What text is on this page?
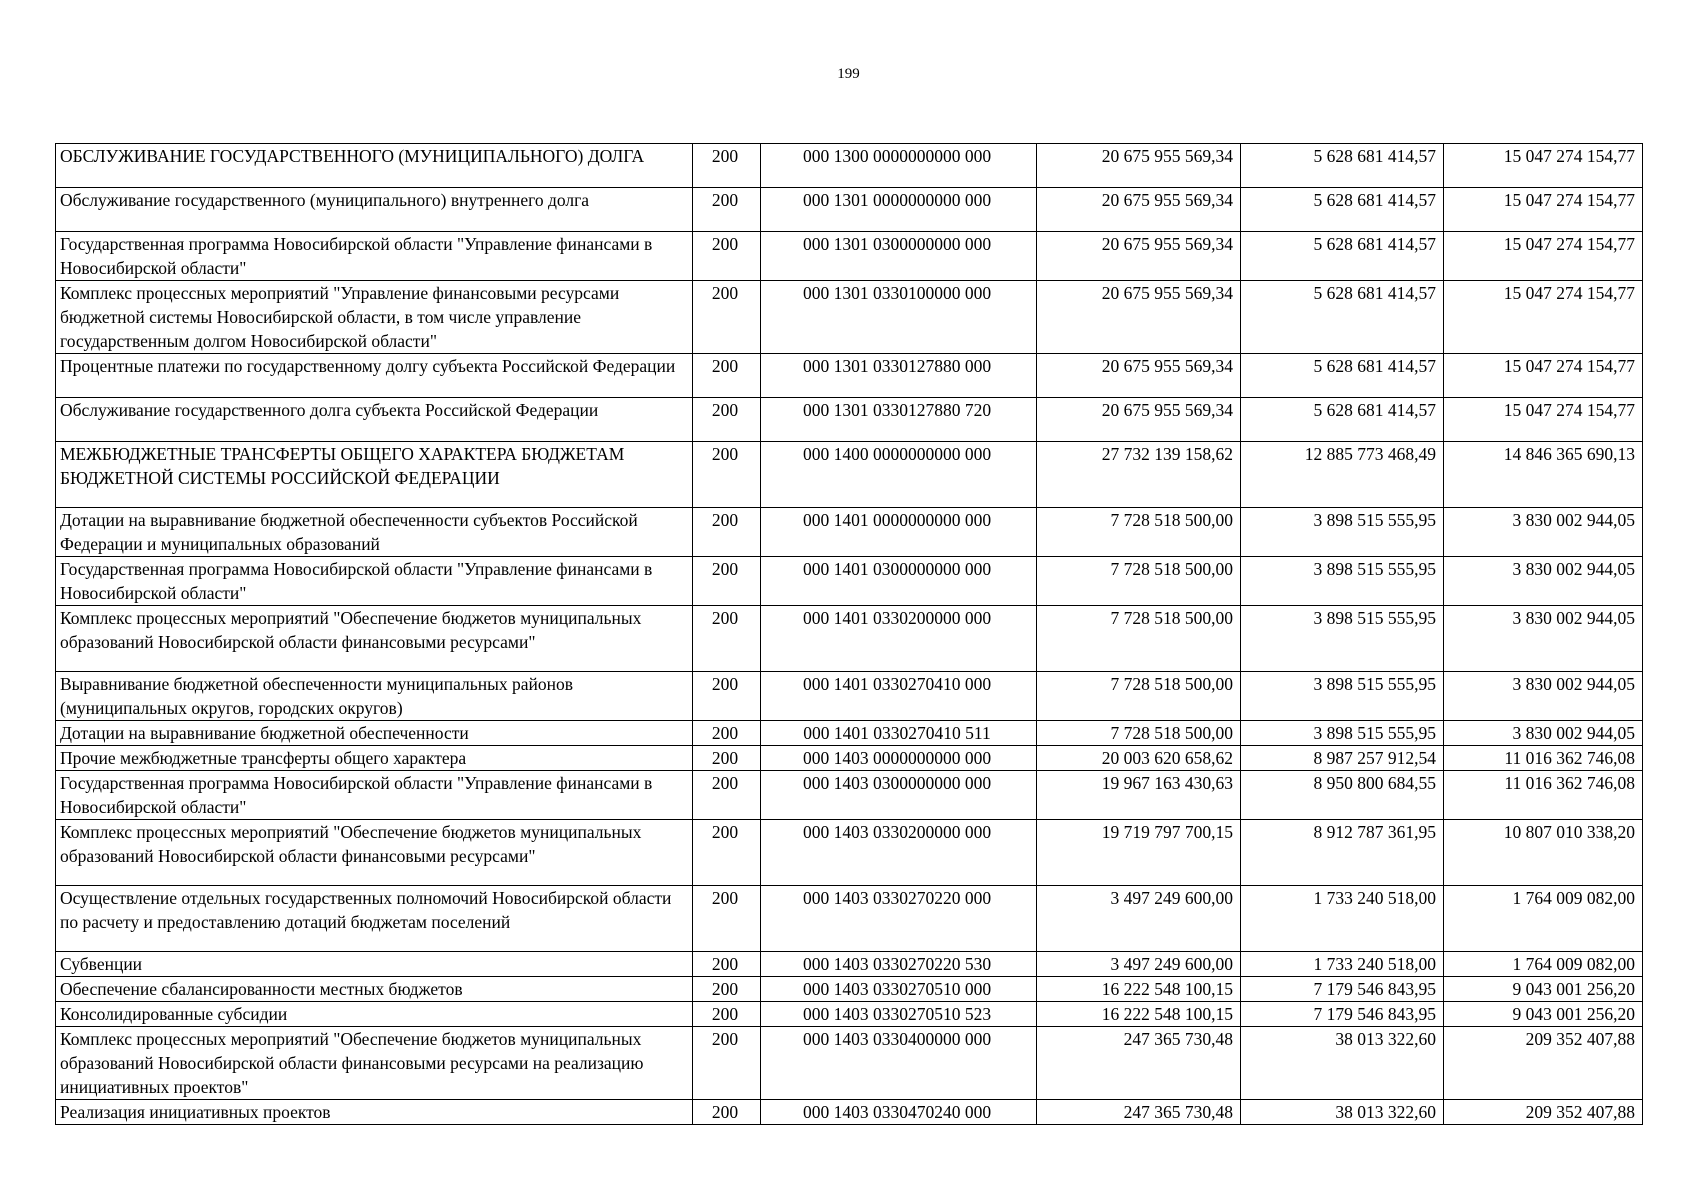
199
ОБСЛУЖИВАНИЕ ГОСУДАРСТВЕННОГО (МУНИЦИПАЛЬНОГО) ДОЛГА	200	000 1300 0000000000 000	20 675 955 569,34	5 628 681 414,57	15 047 274 154,77
Обслуживание государственного (муниципального) внутреннего долга	200	000 1301 0000000000 000	20 675 955 569,34	5 628 681 414,57	15 047 274 154,77
Государственная программа Новосибирской области "Управление финансами в Новосибирской области"	200	000 1301 0300000000 000	20 675 955 569,34	5 628 681 414,57	15 047 274 154,77
Комплекс процессных мероприятий "Управление финансовыми ресурсами бюджетной системы Новосибирской области, в том числе управление государственным долгом Новосибирской области"	200	000 1301 0330100000 000	20 675 955 569,34	5 628 681 414,57	15 047 274 154,77
Процентные платежи по государственному долгу субъекта Российской Федерации	200	000 1301 0330127880 000	20 675 955 569,34	5 628 681 414,57	15 047 274 154,77
Обслуживание государственного долга субъекта Российской Федерации	200	000 1301 0330127880 720	20 675 955 569,34	5 628 681 414,57	15 047 274 154,77
МЕЖБЮДЖЕТНЫЕ ТРАНСФЕРТЫ ОБЩЕГО ХАРАКТЕРА БЮДЖЕТАМ БЮДЖЕТНОЙ СИСТЕМЫ РОССИЙСКОЙ ФЕДЕРАЦИИ	200	000 1400 0000000000 000	27 732 139 158,62	12 885 773 468,49	14 846 365 690,13
Дотации на выравнивание бюджетной обеспеченности субъектов Российской Федерации и муниципальных образований	200	000 1401 0000000000 000	7 728 518 500,00	3 898 515 555,95	3 830 002 944,05
Государственная программа Новосибирской области "Управление финансами в Новосибирской области"	200	000 1401 0300000000 000	7 728 518 500,00	3 898 515 555,95	3 830 002 944,05
Комплекс процессных мероприятий "Обеспечение бюджетов муниципальных образований Новосибирской области финансовыми ресурсами"	200	000 1401 0330200000 000	7 728 518 500,00	3 898 515 555,95	3 830 002 944,05
Выравнивание бюджетной обеспеченности муниципальных районов (муниципальных округов, городских округов)	200	000 1401 0330270410 000	7 728 518 500,00	3 898 515 555,95	3 830 002 944,05
Дотации на выравнивание бюджетной обеспеченности	200	000 1401 0330270410 511	7 728 518 500,00	3 898 515 555,95	3 830 002 944,05
Прочие межбюджетные трансферты общего характера	200	000 1403 0000000000 000	20 003 620 658,62	8 987 257 912,54	11 016 362 746,08
Государственная программа Новосибирской области "Управление финансами в Новосибирской области"	200	000 1403 0300000000 000	19 967 163 430,63	8 950 800 684,55	11 016 362 746,08
Комплекс процессных мероприятий "Обеспечение бюджетов муниципальных образований Новосибирской области финансовыми ресурсами"	200	000 1403 0330200000 000	19 719 797 700,15	8 912 787 361,95	10 807 010 338,20
Осуществление отдельных государственных полномочий Новосибирской области по расчету и предоставлению дотаций бюджетам поселений	200	000 1403 0330270220 000	3 497 249 600,00	1 733 240 518,00	1 764 009 082,00
Субвенции	200	000 1403 0330270220 530	3 497 249 600,00	1 733 240 518,00	1 764 009 082,00
Обеспечение сбалансированности местных бюджетов	200	000 1403 0330270510 000	16 222 548 100,15	7 179 546 843,95	9 043 001 256,20
Консолидированные субсидии	200	000 1403 0330270510 523	16 222 548 100,15	7 179 546 843,95	9 043 001 256,20
Комплекс процессных мероприятий "Обеспечение бюджетов муниципальных образований Новосибирской области финансовыми ресурсами на реализацию инициативных проектов"	200	000 1403 0330400000 000	247 365 730,48	38 013 322,60	209 352 407,88
Реализация инициативных проектов	200	000 1403 0330470240 000	247 365 730,48	38 013 322,60	209 352 407,88
